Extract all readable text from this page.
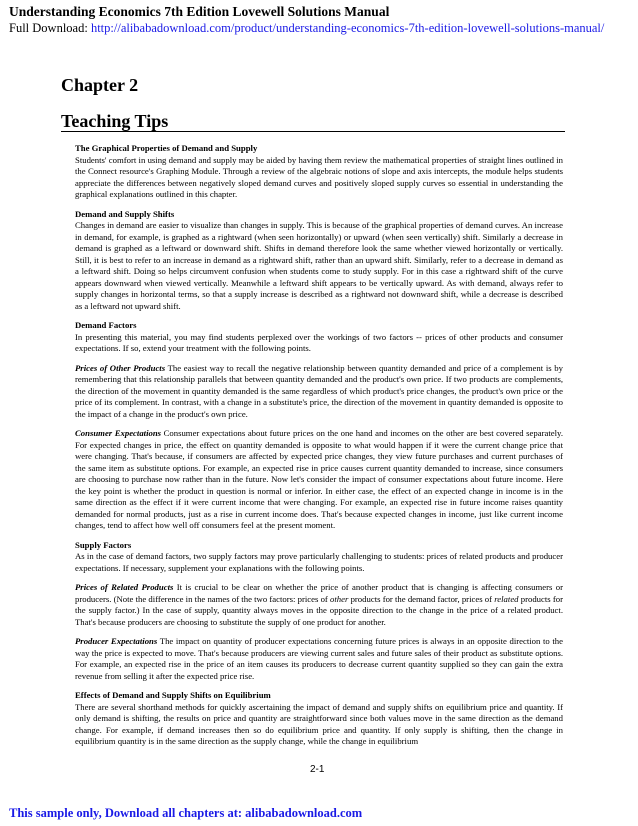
Understanding Economics 7th Edition Lovewell Solutions Manual
Full Download: http://alibabadownload.com/product/understanding-economics-7th-edition-lovewell-solutions-manual/
Chapter 2
Teaching Tips

The Graphical Properties of Demand and Supply
Students' comfort in using demand and supply may be aided by having them review the mathematical properties of straight lines outlined in the Connect resource's Graphing Module. Through a review of the algebraic notions of slope and axis intercepts, the module helps students appreciate the differences between negatively sloped demand curves and positively sloped supply curves so essential in understanding the graphical explanations outlined in this chapter.

Demand and Supply Shifts
Changes in demand are easier to visualize than changes in supply. This is because of the graphical properties of demand curves. An increase in demand, for example, is graphed as a rightward (when seen horizontally) or upward (when seen vertically) shift. Similarly a decrease in demand is graphed as a leftward or downward shift. Shifts in demand therefore look the same whether viewed horizontally or vertically. Still, it is best to refer to an increase in demand as a rightward shift, rather than an upward shift. Similarly, refer to a decrease in demand as a leftward shift. Doing so helps circumvent confusion when students come to study supply. For in this case a rightward shift of the curve appears downward when viewed vertically. Meanwhile a leftward shift appears to be vertically upward. As with demand, always refer to supply changes in horizontal terms, so that a supply increase is described as a rightward not downward shift, while a decrease is described as a leftward not upward shift.

Demand Factors
In presenting this material, you may find students perplexed over the workings of two factors -- prices of other products and consumer expectations. If so, extend your treatment with the following points.

Prices of Other Products The easiest way to recall the negative relationship between quantity demanded and price of a complement is by remembering that this relationship parallels that between quantity demanded and the product's own price. If two products are complements, the direction of the movement in quantity demanded is the same regardless of which product's price changes, the product's own price or the price of its complement. In contrast, with a change in a substitute's price, the direction of the movement in quantity demanded is opposite to the impact of a change in the product's own price.

Consumer Expectations Consumer expectations about future prices on the one hand and incomes on the other are best covered separately. For expected changes in price, the effect on quantity demanded is opposite to what would happen if it were the current change price that were changing. That's because, if consumers are affected by expected price changes, they view future purchases and current purchases of the same item as substitute options. For example, an expected rise in price causes current quantity demanded to increase, since consumers are choosing to purchase now rather than in the future. Now let's consider the impact of consumer expectations about future income. Here the key point is whether the product in question is normal or inferior. In either case, the effect of an expected change in income is in the same direction as the effect if it were current income that were changing. For example, an expected rise in future income raises quantity demanded for normal products, just as a rise in current income does. That's because expected changes in income, just like current income changes, tend to affect how well off consumers feel at the present moment.

Supply Factors
As in the case of demand factors, two supply factors may prove particularly challenging to students: prices of related products and producer expectations. If necessary, supplement your explanations with the following points.

Prices of Related Products It is crucial to be clear on whether the price of another product that is changing is affecting consumers or producers. (Note the difference in the names of the two factors: prices of other products for the demand factor, prices of related products for the supply factor.) In the case of supply, quantity always moves in the opposite direction to the change in the price of a related product. That's because producers are choosing to substitute the supply of one product for another.

Producer Expectations The impact on quantity of producer expectations concerning future prices is always in an opposite direction to the way the price is expected to move. That's because producers are viewing current sales and future sales of their product as substitute options. For example, an expected rise in the price of an item causes its producers to decrease current quantity supplied so they can gain the extra revenue from selling it after the expected price rise.

Effects of Demand and Supply Shifts on Equilibrium
There are several shorthand methods for quickly ascertaining the impact of demand and supply shifts on equilibrium price and quantity. If only demand is shifting, the results on price and quantity are straightforward since both values move in the same direction as the demand change. For example, if demand increases then so do equilibrium price and quantity. If only supply is shifting, then the change in equilibrium quantity is in the same direction as the supply change, while the change in equilibrium

2-1
This sample only, Download all chapters at: alibabadownload.com
